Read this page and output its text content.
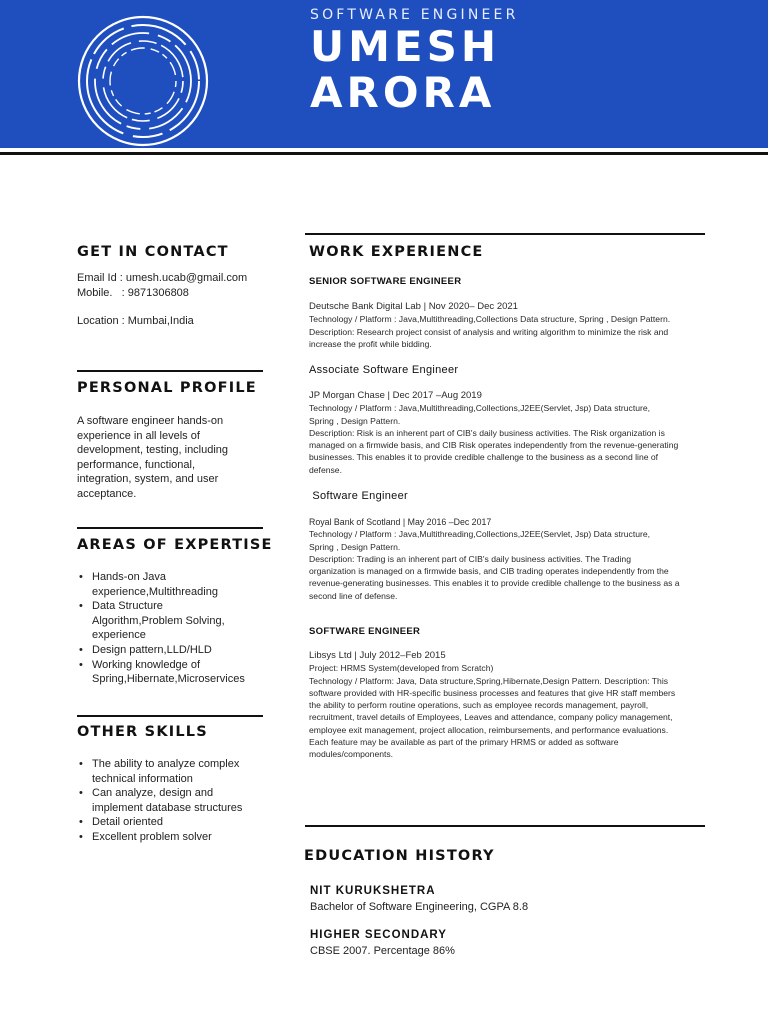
SOFTWARE ENGINEER
UMESH
ARORA
GET IN CONTACT
Email Id : umesh.ucab@gmail.com
Mobile.   : 9871306808
Location : Mumbai,India
PERSONAL PROFILE
A software engineer hands-on
experience in all levels of
development, testing, including
performance, functional,
integration, system, and user
acceptance.
AREAS OF EXPERTISE
• Hands-on Java
experience,Multithreading
• Data Structure
Algorithm,Problem Solving,
experience
• Design pattern,LLD/HLD
• Working knowledge of
Spring,Hibernate,Microservices
OTHER SKILLS
• The ability to analyze complex
technical information
• Can analyze, design and
implement database structures
• Detail oriented
• Excellent problem solver
WORK EXPERIENCE
SENIOR SOFTWARE ENGINEER
Deutsche Bank Digital Lab | Nov 2020– Dec 2021
Technology / Platform : Java,Multithreading,Collections Data structure, Spring , Design Pattern.
Description: Research project consist of analysis and writing algorithm to minimize the risk and
increase the profit while bidding.
Associate Software Engineer
JP Morgan Chase | Dec 2017 –Aug 2019
Technology / Platform : Java,Multithreading,Collections,J2EE(Servlet, Jsp) Data structure,
Spring , Design Pattern.
Description: Risk is an inherent part of CIB's daily business activities. The Risk organization is
managed on a firmwide basis, and CIB Risk operates independently from the revenue-generating
businesses. This enables it to provide credible challenge to the business as a second line of
defense.
Software Engineer
Royal Bank of Scotland | May 2016 –Dec 2017
Technology / Platform : Java,Multithreading,Collections,J2EE(Servlet, Jsp) Data structure,
Spring , Design Pattern.
Description: Trading is an inherent part of CIB's daily business activities. The Trading
organization is managed on a firmwide basis, and CIB trading operates independently from the
revenue-generating businesses. This enables it to provide credible challenge to the business as a
second line of defense.
SOFTWARE ENGINEER
Libsys Ltd | July 2012–Feb 2015
Project: HRMS System(developed from Scratch)
Technology / Platform: Java, Data structure,Spring,Hibernate,Design Pattern. Description: This
software provided with HR-specific business processes and features that give HR staff members
the ability to perform routine operations, such as employee records management, payroll,
recruitment, travel details of Employees, Leaves and attendance, company policy management,
employee exit management, project allocation, reimbursements, and performance evaluations.
Each feature may be available as part of the primary HRMS or added as software
modules/components.
EDUCATION HISTORY
NIT KURUKSHETRA
Bachelor of Software Engineering, CGPA 8.8
HIGHER SECONDARY
CBSE 2007. Percentage 86%
